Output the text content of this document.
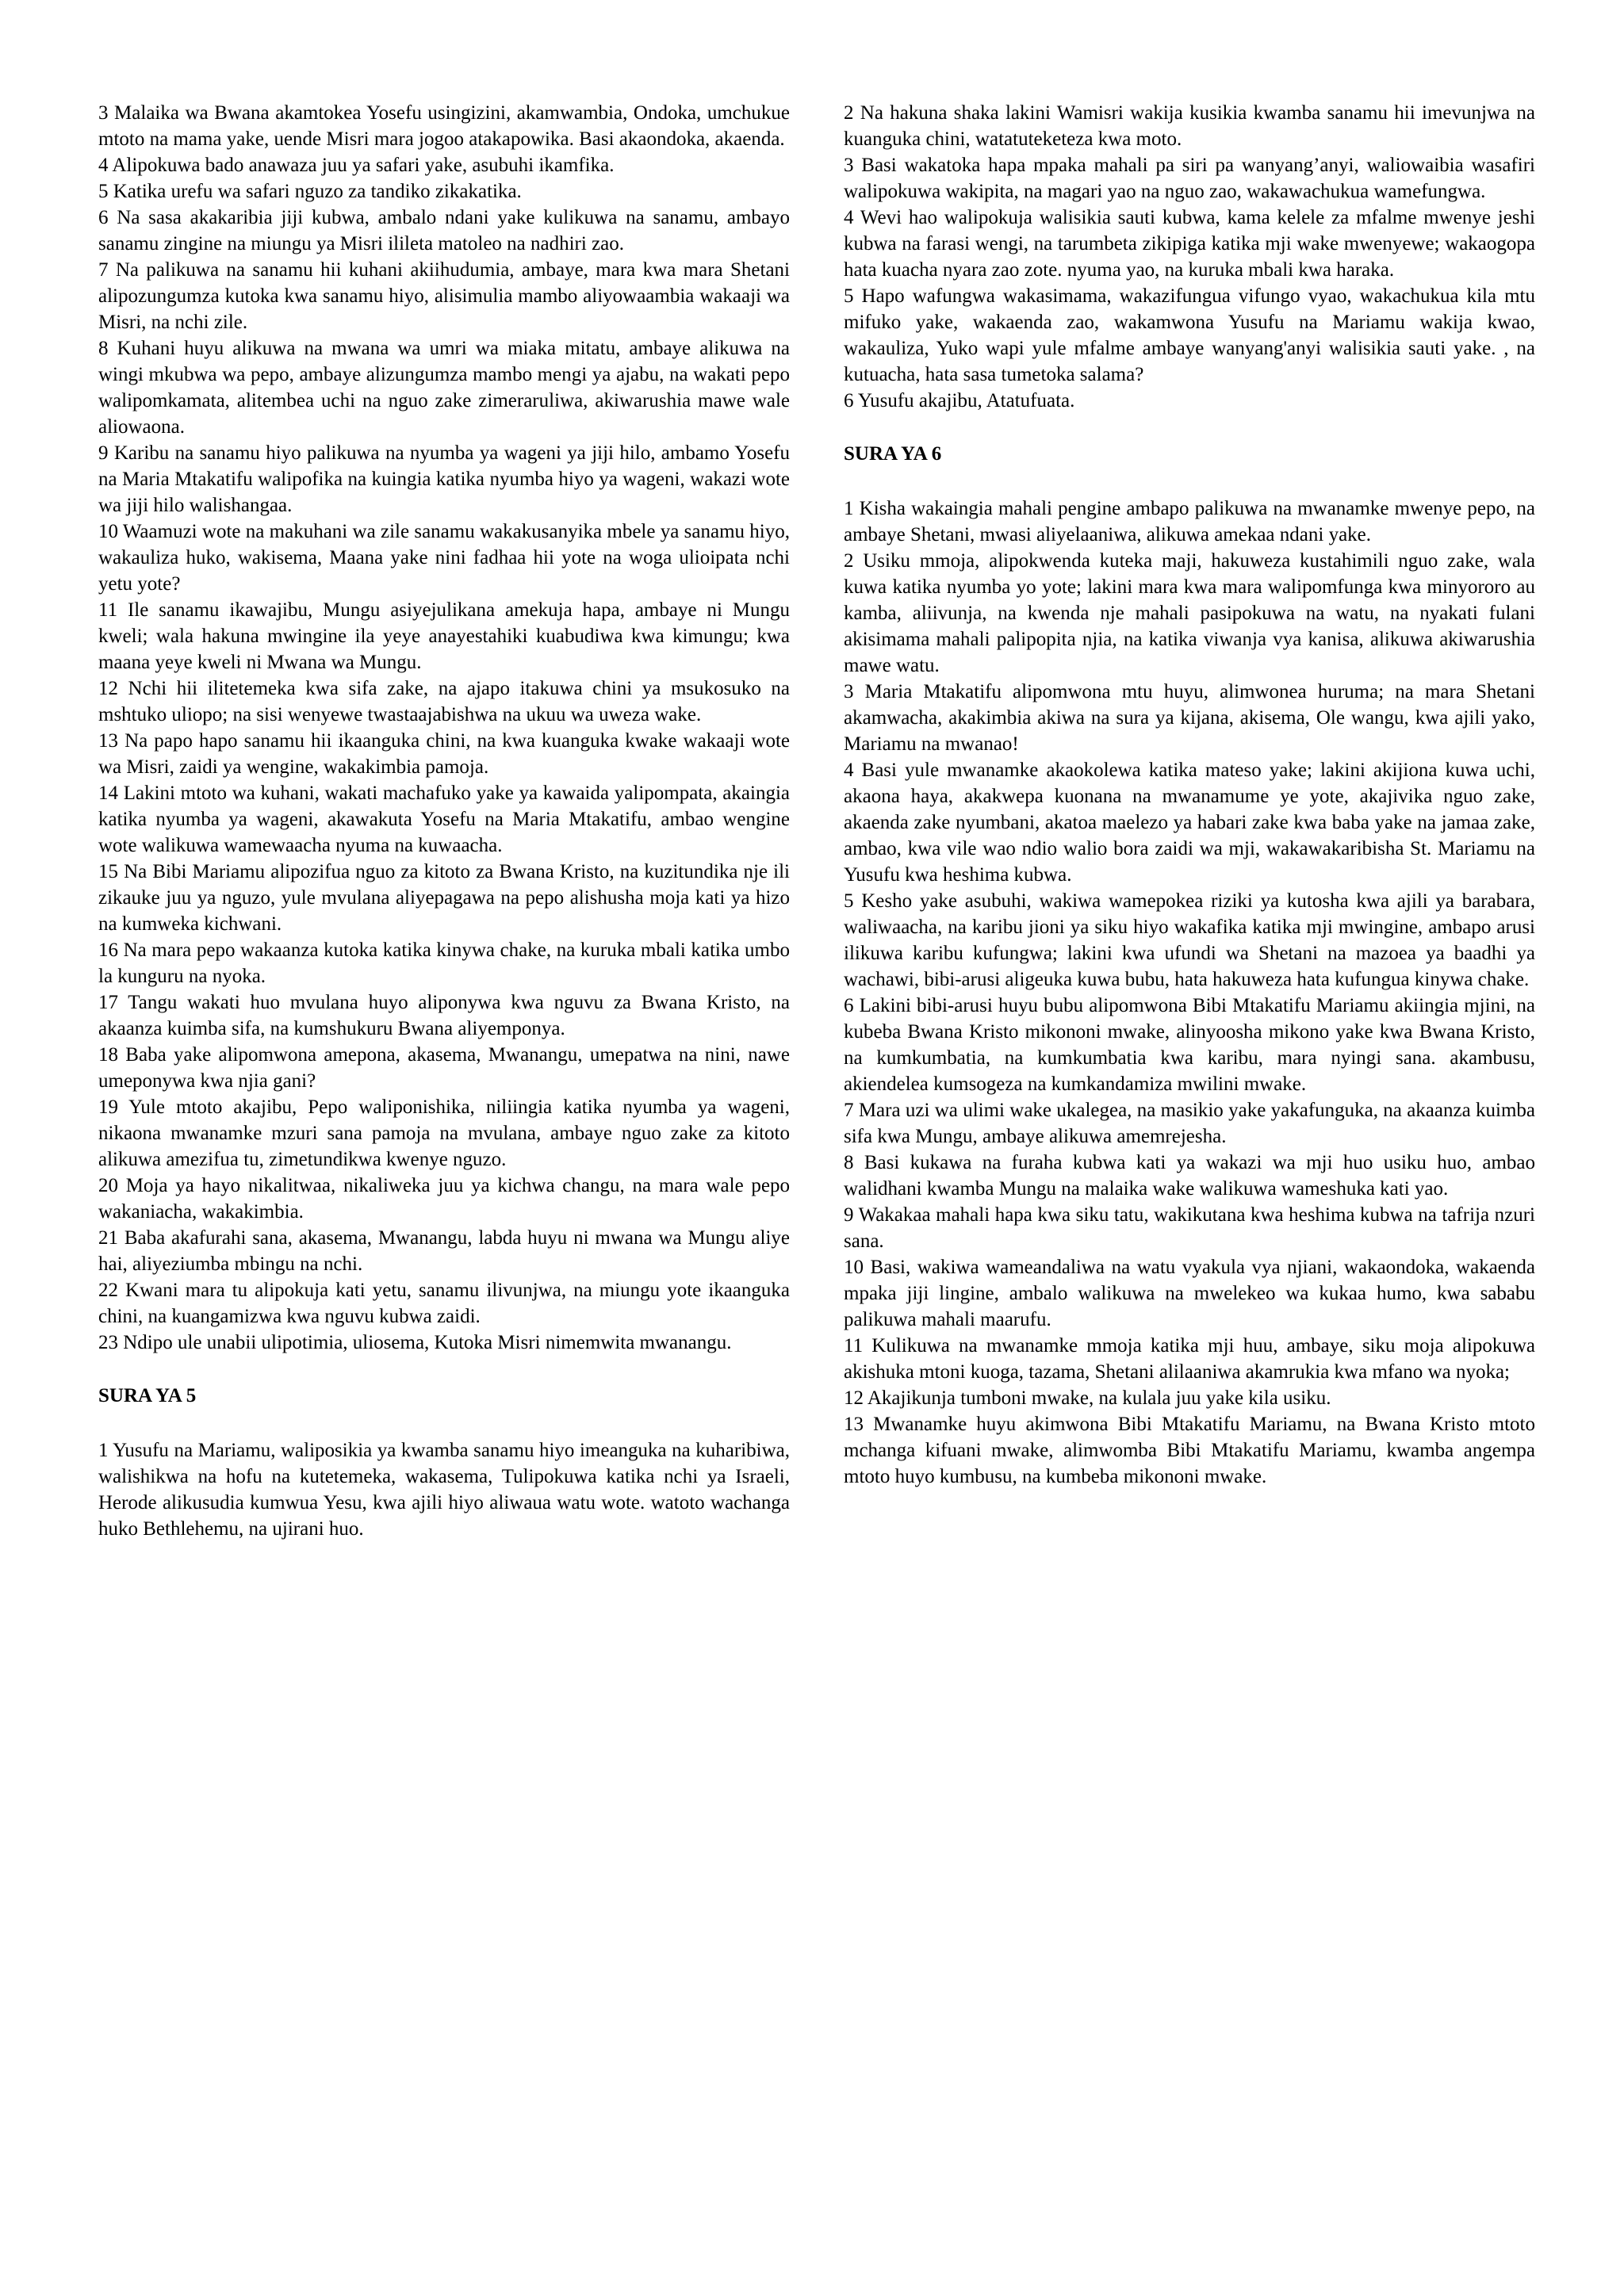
3 Malaika wa Bwana akamtokea Yosefu usingizini, akamwambia, Ondoka, umchukue mtoto na mama yake, uende Misri mara jogoo atakapowika. Basi akaondoka, akaenda.

4 Alipokuwa bado anawaza juu ya safari yake, asubuhi ikamfika.

5 Katika urefu wa safari nguzo za tandiko zikakatika.

6 Na sasa akakaribia jiji kubwa, ambalo ndani yake kulikuwa na sanamu, ambayo sanamu zingine na miungu ya Misri ilileta matoleo na nadhiri zao.

7 Na palikuwa na sanamu hii kuhani akiihudumia, ambaye, mara kwa mara Shetani alipozungumza kutoka kwa sanamu hiyo, alisimulia mambo aliyowaambia wakaaji wa Misri, na nchi zile.

8 Kuhani huyu alikuwa na mwana wa umri wa miaka mitatu, ambaye alikuwa na wingi mkubwa wa pepo, ambaye alizungumza mambo mengi ya ajabu, na wakati pepo walipomkamata, alitembea uchi na nguo zake zimeraruliwa, akiwarushia mawe wale aliowaona.

9 Karibu na sanamu hiyo palikuwa na nyumba ya wageni ya jiji hilo, ambamo Yosefu na Maria Mtakatifu walipofika na kuingia katika nyumba hiyo ya wageni, wakazi wote wa jiji hilo walishangaa.

10 Waamuzi wote na makuhani wa zile sanamu wakakusanyika mbele ya sanamu hiyo, wakauliza huko, wakisema, Maana yake nini fadhaa hii yote na woga ulioipata nchi yetu yote?

11 Ile sanamu ikawajibu, Mungu asiyejulikana amekuja hapa, ambaye ni Mungu kweli; wala hakuna mwingine ila yeye anayestahiki kuabudiwa kwa kimungu; kwa maana yeye kweli ni Mwana wa Mungu.

12 Nchi hii ilitetemeka kwa sifa zake, na ajapo itakuwa chini ya msukosuko na mshtuko uliopo; na sisi wenyewe twastaajabishwa na ukuu wa uweza wake.

13 Na papo hapo sanamu hii ikaanguka chini, na kwa kuanguka kwake wakaaji wote wa Misri, zaidi ya wengine, wakakimbia pamoja.

14 Lakini mtoto wa kuhani, wakati machafuko yake ya kawaida yalipompata, akaingia katika nyumba ya wageni, akawakuta Yosefu na Maria Mtakatifu, ambao wengine wote walikuwa wamewaacha nyuma na kuwaacha.

15 Na Bibi Mariamu alipozifua nguo za kitoto za Bwana Kristo, na kuzitundika nje ili zikauke juu ya nguzo, yule mvulana aliyepagawa na pepo alishusha moja kati ya hizo na kumweka kichwani.

16 Na mara pepo wakaanza kutoka katika kinywa chake, na kuruka mbali katika umbo la kunguru na nyoka.

17 Tangu wakati huo mvulana huyo aliponywa kwa nguvu za Bwana Kristo, na akaanza kuimba sifa, na kumshukuru Bwana aliyemponya.

18 Baba yake alipomwona amepona, akasema, Mwanangu, umepatwa na nini, nawe umeponywa kwa njia gani?

19 Yule mtoto akajibu, Pepo waliponishika, niliingia katika nyumba ya wageni, nikaona mwanamke mzuri sana pamoja na mvulana, ambaye nguo zake za kitoto alikuwa amezifua tu, zimetundikwa kwenye nguzo.

20 Moja ya hayo nikalitwaa, nikaliweka juu ya kichwa changu, na mara wale pepo wakaniacha, wakakimbia.

21 Baba akafurahi sana, akasema, Mwanangu, labda huyu ni mwana wa Mungu aliye hai, aliyeziumba mbingu na nchi.

22 Kwani mara tu alipokuja kati yetu, sanamu ilivunjwa, na miungu yote ikaanguka chini, na kuangamizwa kwa nguvu kubwa zaidi.

23 Ndipo ule unabii ulipotimia, uliosema, Kutoka Misri nimemwita mwanangu.

SURA YA 5

1 Yusufu na Mariamu, waliposikia ya kwamba sanamu hiyo imeanguka na kuharibiwa, walishikwa na hofu na kutetemeka, wakasema, Tulipokuwa katika nchi ya Israeli, Herode alikusudia kumwua Yesu, kwa ajili hiyo aliwaua watu wote. watoto wachanga huko Bethlehemu, na ujirani huo.

2 Na hakuna shaka lakini Wamisri wakija kusikia kwamba sanamu hii imevunjwa na kuanguka chini, watatuteketeza kwa moto.

3 Basi wakatoka hapa mpaka mahali pa siri pa wanyang’anyi, waliowaibia wasafiri walipokuwa wakipita, na magari yao na nguo zao, wakawachukua wamefungwa.

4 Wevi hao walipokuja walisikia sauti kubwa, kama kelele za mfalme mwenye jeshi kubwa na farasi wengi, na tarumbeta zikipiga katika mji wake mwenyewe; wakaogopa hata kuacha nyara zao zote. nyuma yao, na kuruka mbali kwa haraka.

5 Hapo wafungwa wakasimama, wakazifungua vifungo vyao, wakachukua kila mtu mifuko yake, wakaenda zao, wakamwona Yusufu na Mariamu wakija kwao, wakauliza, Yuko wapi yule mfalme ambaye wanyang'anyi walisikia sauti yake. , na kutuacha, hata sasa tumetoka salama?

6 Yusufu akajibu, Atatufuata.

SURA YA 6

1 Kisha wakaingia mahali pengine ambapo palikuwa na mwanamke mwenye pepo, na ambaye Shetani, mwasi aliyelaaniwa, alikuwa amekaa ndani yake.

2 Usiku mmoja, alipokwenda kuteka maji, hakuweza kustahimili nguo zake, wala kuwa katika nyumba yo yote; lakini mara kwa mara walipomfunga kwa minyororo au kamba, aliivunja, na kwenda nje mahali pasipokuwa na watu, na nyakati fulani akisimama mahali palipopita njia, na katika viwanja vya kanisa, alikuwa akiwarushia mawe watu.

3 Maria Mtakatifu alipomwona mtu huyu, alimwonea huruma; na mara Shetani akamwacha, akakimbia akiwa na sura ya kijana, akisema, Ole wangu, kwa ajili yako, Mariamu na mwanao!

4 Basi yule mwanamke akaokolewa katika mateso yake; lakini akijiona kuwa uchi, akaona haya, akakwepa kuonana na mwanamume ye yote, akajivika nguo zake, akaenda zake nyumbani, akatoa maelezo ya habari zake kwa baba yake na jamaa zake, ambao, kwa vile wao ndio walio bora zaidi wa mji, wakawakaribisha St. Mariamu na Yusufu kwa heshima kubwa.

5 Kesho yake asubuhi, wakiwa wamepokea riziki ya kutosha kwa ajili ya barabara, waliwaacha, na karibu jioni ya siku hiyo wakafika katika mji mwingine, ambapo arusi ilikuwa karibu kufungwa; lakini kwa ufundi wa Shetani na mazoea ya baadhi ya wachawi, bibi-arusi aligeuka kuwa bubu, hata hakuweza hata kufungua kinywa chake.

6 Lakini bibi-arusi huyu bubu alipomwona Bibi Mtakatifu Mariamu akiingia mjini, na kubeba Bwana Kristo mikononi mwake, alinyoosha mikono yake kwa Bwana Kristo, na kumkumbatia, na kumkumbatia kwa karibu, mara nyingi sana. akambusu, akiendelea kumsogeza na kumkandamiza mwilini mwake.

7 Mara uzi wa ulimi wake ukalegea, na masikio yake yakafunguka, na akaanza kuimba sifa kwa Mungu, ambaye alikuwa amemrejesha.

8 Basi kukawa na furaha kubwa kati ya wakazi wa mji huo usiku huo, ambao walidhani kwamba Mungu na malaika wake walikuwa wameshuka kati yao.

9 Wakakaa mahali hapa kwa siku tatu, wakikutana kwa heshima kubwa na tafrija nzuri sana.

10 Basi, wakiwa wameandaliwa na watu vyakula vya njiani, wakaondoka, wakaenda mpaka jiji lingine, ambalo walikuwa na mwelekeo wa kukaa humo, kwa sababu palikuwa mahali maarufu.

11 Kulikuwa na mwanamke mmoja katika mji huu, ambaye, siku moja alipokuwa akishuka mtoni kuoga, tazama, Shetani alilaaniwa akamrukia kwa mfano wa nyoka;

12 Akajikunja tumboni mwake, na kulala juu yake kila usiku.

13 Mwanamke huyu akimwona Bibi Mtakatifu Mariamu, na Bwana Kristo mtoto mchanga kifuani mwake, alimwomba Bibi Mtakatifu Mariamu, kwamba angempa mtoto huyo kumbusu, na kumbeba mikononi mwake.
